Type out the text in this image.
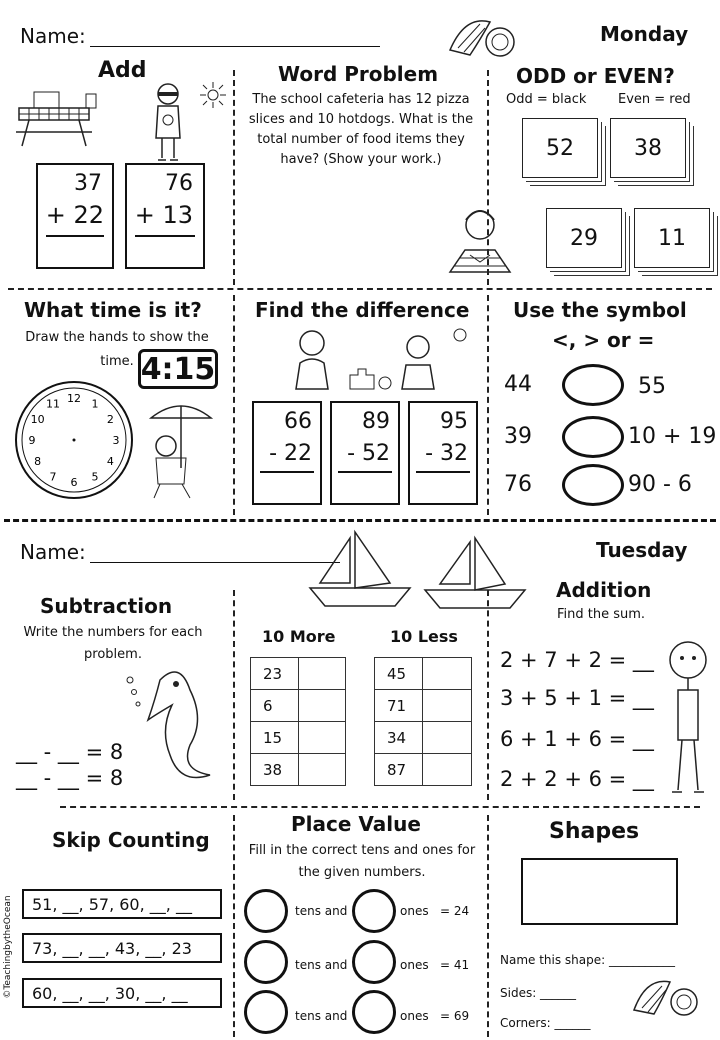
Name:	Monday
Add
37
+ 22
76
+ 13
Word Problem
The school cafeteria has 12 pizza slices and 10 hotdogs. What is the total number of food items they have? (Show your work.)
ODD or EVEN?
Odd = black Even = red
52	38
29	11
What time is it?
Draw the hands to show the time. 4:15
12 1
2
3
4
5
6
7
8
9
10
11
Find the difference
66
- 22
89
- 52
95
- 32
Use the symbol
<, > or =
44	55
39	10 + 19
76	90 - 6
Name:	Tuesday
Subtraction
Write the numbers for each problem.
__ - __ = 8
__ - __ = 8
10 More	10 Less
23	
6	
15	
38	
45	
71	
34	
87	
Addition
Find the sum.
2 + 7 + 2 = __
3 + 5 + 1 = __
6 + 1 + 6 = __
2 + 2 + 6 = __
Skip Counting
51, __, 57, 60, __, __
73, __, __, 43, __, 23
60, __, __, 30, __, __
©TeachingbytheOcean
Place Value
Fill in the correct tens and ones for the given numbers.
tens and	ones = 24
tens and	ones = 41
tens and	ones = 69
Shapes
Name this shape: ___________
Sides: ______
Corners: ______
